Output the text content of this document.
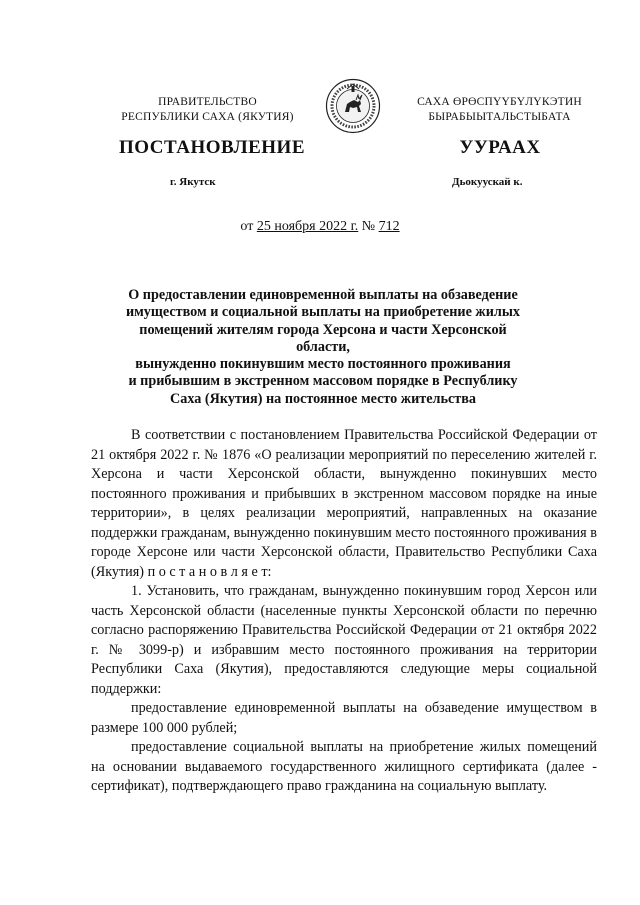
ПРАВИТЕЛЬСТВО
РЕСПУБЛИКИ САХА (ЯКУТИЯ)
САХА ӨРӨСПҮҮБҮЛҮКЭТИН
БЫРАБЫЫТАЛЬСТЫБАТА
ПОСТАНОВЛЕНИЕ	УУРААХ
г. Якутск	Дьокуускай к.
от 25 ноября 2022 г. № 712
О предоставлении единовременной выплаты на обзаведение
имуществом и социальной выплаты на приобретение жилых
помещений жителям города Херсона и части Херсонской области,
вынужденно покинувшим место постоянного проживания
и прибывшим в экстренном массовом порядке в Республику
Саха (Якутия) на постоянное место жительства

В соответствии с постановлением Правительства Российской Федерации от 21 октября 2022 г. № 1876 «О реализации мероприятий по переселению жителей г. Херсона и части Херсонской области, вынужденно покинувших место постоянного проживания и прибывших в экстренном массовом порядке на иные территории», в целях реализации мероприятий, направленных на оказание поддержки гражданам, вынужденно покинувшим место постоянного проживания в городе Херсоне или части Херсонской области, Правительство Республики Саха (Якутия) п о с т а н о в л я е т:

1. Установить, что гражданам, вынужденно покинувшим город Херсон или часть Херсонской области (населенные пункты Херсонской области по перечню согласно распоряжению Правительства Российской Федерации от 21 октября 2022 г. № 3099-р) и избравшим место постоянного проживания на территории Республики Саха (Якутия), предоставляются следующие меры социальной поддержки:

предоставление единовременной выплаты на обзаведение имуществом в размере 100 000 рублей;

предоставление социальной выплаты на приобретение жилых помещений на основании выдаваемого государственного жилищного сертификата (далее - сертификат), подтверждающего право гражданина на социальную выплату.
